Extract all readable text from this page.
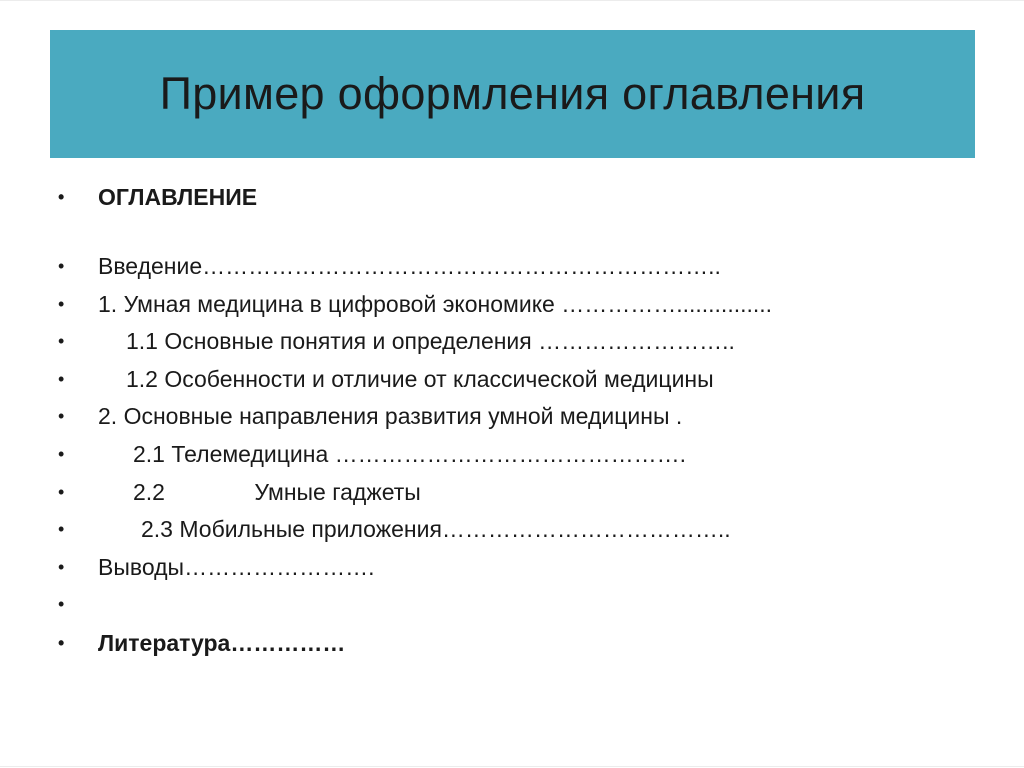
Пример оформления оглавления
•	ОГЛАВЛЕНИЕ
•	Введение…………………………………………………………..
•	1. Умная медицина в цифровой экономике ……………...............
•	1.1 Основные понятия и определения ……………………..
•	1.2 Особенности и отличие от классической медицины
•	2. Основные направления развития умной медицины .
•	2.1 Телемедицина ……………………………………….
•	2.2              Умные гаджеты
•	2.3 Мобильные приложения………………………………..
•	Выводы…………………….
•
•	Литература……………
